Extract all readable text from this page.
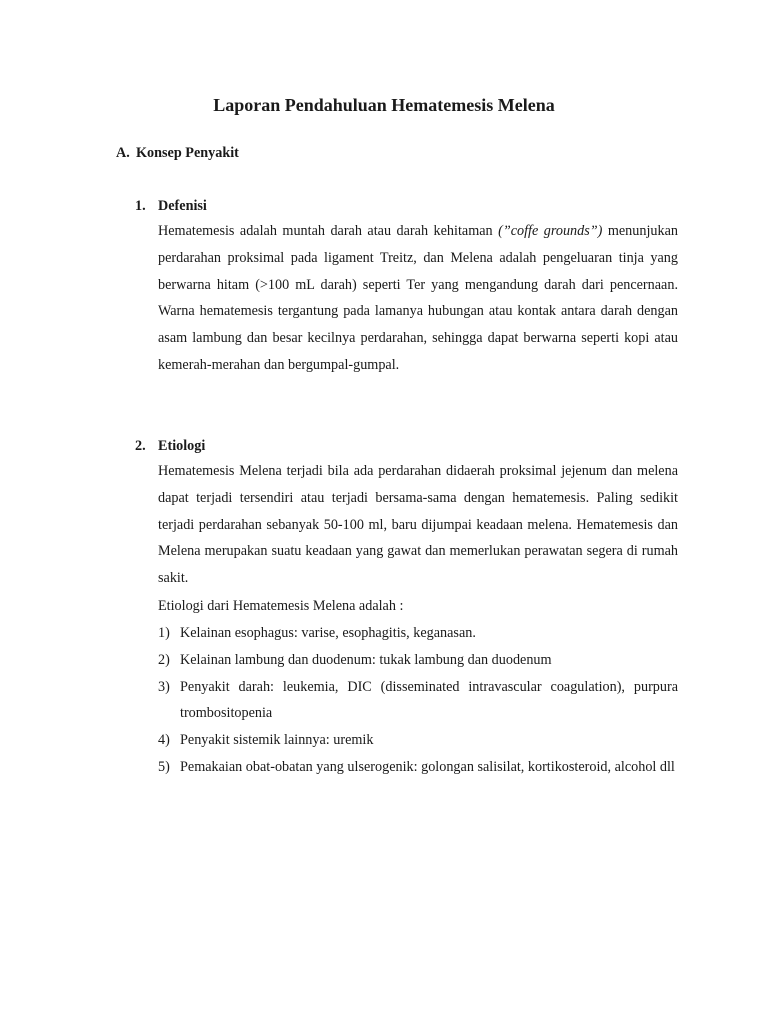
Laporan Pendahuluan Hematemesis Melena
A. Konsep Penyakit
1. Defenisi
Hematemesis adalah muntah darah atau darah kehitaman (”coffe grounds”) menunjukan perdarahan proksimal pada ligament Treitz, dan Melena adalah pengeluaran tinja yang berwarna hitam (>100 mL darah) seperti Ter yang mengandung darah dari pencernaan. Warna hematemesis tergantung pada lamanya hubungan atau kontak antara darah dengan asam lambung dan besar kecilnya perdarahan, sehingga dapat berwarna seperti kopi atau kemerah-merahan dan bergumpal-gumpal.
2. Etiologi
Hematemesis Melena terjadi bila ada perdarahan didaerah proksimal jejenum dan melena dapat terjadi tersendiri atau terjadi bersama-sama dengan hematemesis. Paling sedikit terjadi perdarahan sebanyak 50-100 ml, baru dijumpai keadaan melena. Hematemesis dan Melena merupakan suatu keadaan yang gawat dan memerlukan perawatan segera di rumah sakit.
Etiologi dari Hematemesis Melena adalah :
1) Kelainan esophagus: varise, esophagitis, keganasan.
2) Kelainan lambung dan duodenum: tukak lambung dan duodenum
3) Penyakit darah: leukemia, DIC (disseminated intravascular coagulation), purpura trombositopenia
4) Penyakit sistemik lainnya: uremik
5) Pemakaian obat-obatan yang ulserogenik: golongan salisilat, kortikosteroid, alcohol dll
